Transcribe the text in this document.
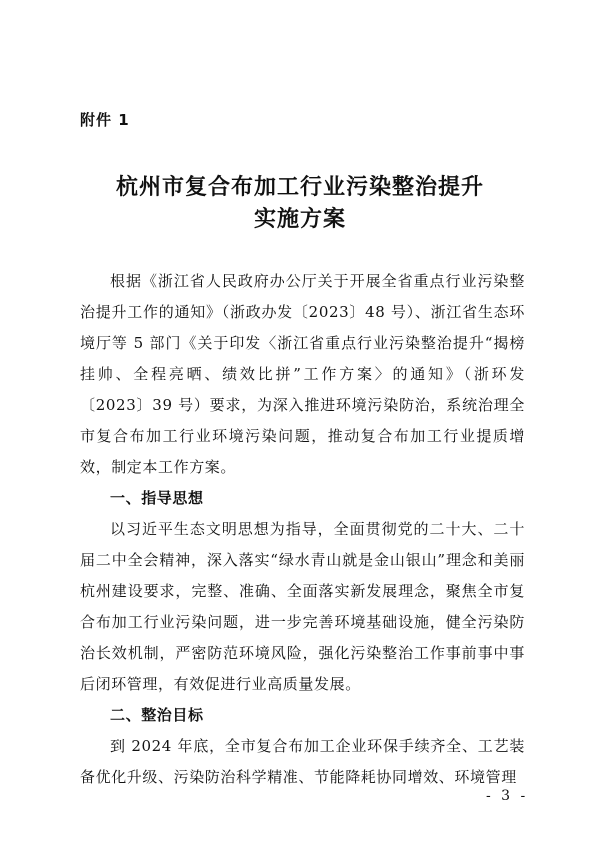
附件 1
杭州市复合布加工行业污染整治提升
实施方案

根据《浙江省人民政府办公厅关于开展全省重点行业污染整治提升工作的通知》（浙政办发〔2023〕48 号）、浙江省生态环境厅等 5 部门《关于印发〈浙江省重点行业污染整治提升“揭榜挂帅、全程亮晒、绩效比拼”工作方案〉的通知》（浙环发〔2023〕39 号）要求，为深入推进环境污染防治，系统治理全市复合布加工行业环境污染问题，推动复合布加工行业提质增效，制定本工作方案。

一、指导思想

以习近平生态文明思想为指导，全面贯彻党的二十大、二十届二中全会精神，深入落实“绿水青山就是金山银山”理念和美丽杭州建设要求，完整、准确、全面落实新发展理念，聚焦全市复合布加工行业污染问题，进一步完善环境基础设施，健全污染防治长效机制，严密防范环境风险，强化污染整治工作事前事中事后闭环管理，有效促进行业高质量发展。

二、整治目标

到 2024 年底，全市复合布加工企业环保手续齐全、工艺装备优化升级、污染防治科学精准、节能降耗协同增效、环境管理

- 3 -
